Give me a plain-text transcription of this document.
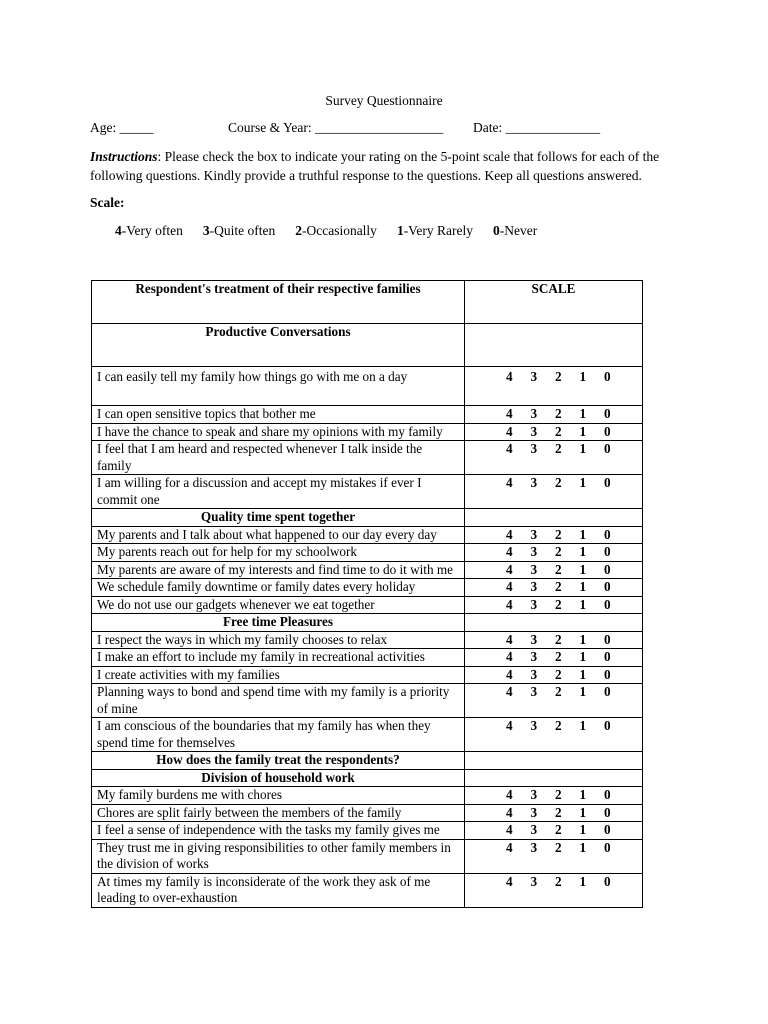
Survey Questionnaire
Age: _____	Course & Year: ___________________ Date: ______________
Instructions: Please check the box to indicate your rating on the 5-point scale that follows for each of the following questions. Kindly provide a truthful response to the questions. Keep all questions answered.
Scale:
4-Very often 3-Quite often 2-Occasionally 1-Very Rarely 0-Never
Respondent's treatment of their respective families	SCALE
Productive Conversations	
I can easily tell my family how things go with me on a day	4 3 2 1 0
I can open sensitive topics that bother me	4 3 2 1 0
I have the chance to speak and share my opinions with my family	4 3 2 1 0
I feel that I am heard and respected whenever I talk inside the family	4 3 2 1 0
I am willing for a discussion and accept my mistakes if ever I commit one	4 3 2 1 0
Quality time spent together	
My parents and I talk about what happened to our day every day	4 3 2 1 0
My parents reach out for help for my schoolwork	4 3 2 1 0
My parents are aware of my interests and find time to do it with me	4 3 2 1 0
We schedule family downtime or family dates every holiday	4 3 2 1 0
We do not use our gadgets whenever we eat together	4 3 2 1 0
Free time Pleasures	
I respect the ways in which my family chooses to relax	4 3 2 1 0
I make an effort to include my family in recreational activities	4 3 2 1 0
I create activities with my families	4 3 2 1 0
Planning ways to bond and spend time with my family is a priority of mine	4 3 2 1 0
I am conscious of the boundaries that my family has when they spend time for themselves	4 3 2 1 0
How does the family treat the respondents?	
Division of household work	
My family burdens me with chores	4 3 2 1 0
Chores are split fairly between the members of the family	4 3 2 1 0
I feel a sense of independence with the tasks my family gives me	4 3 2 1 0
They trust me in giving responsibilities to other family members in the division of works	4 3 2 1 0
At times my family is inconsiderate of the work they ask of me leading to over-exhaustion	4 3 2 1 0
